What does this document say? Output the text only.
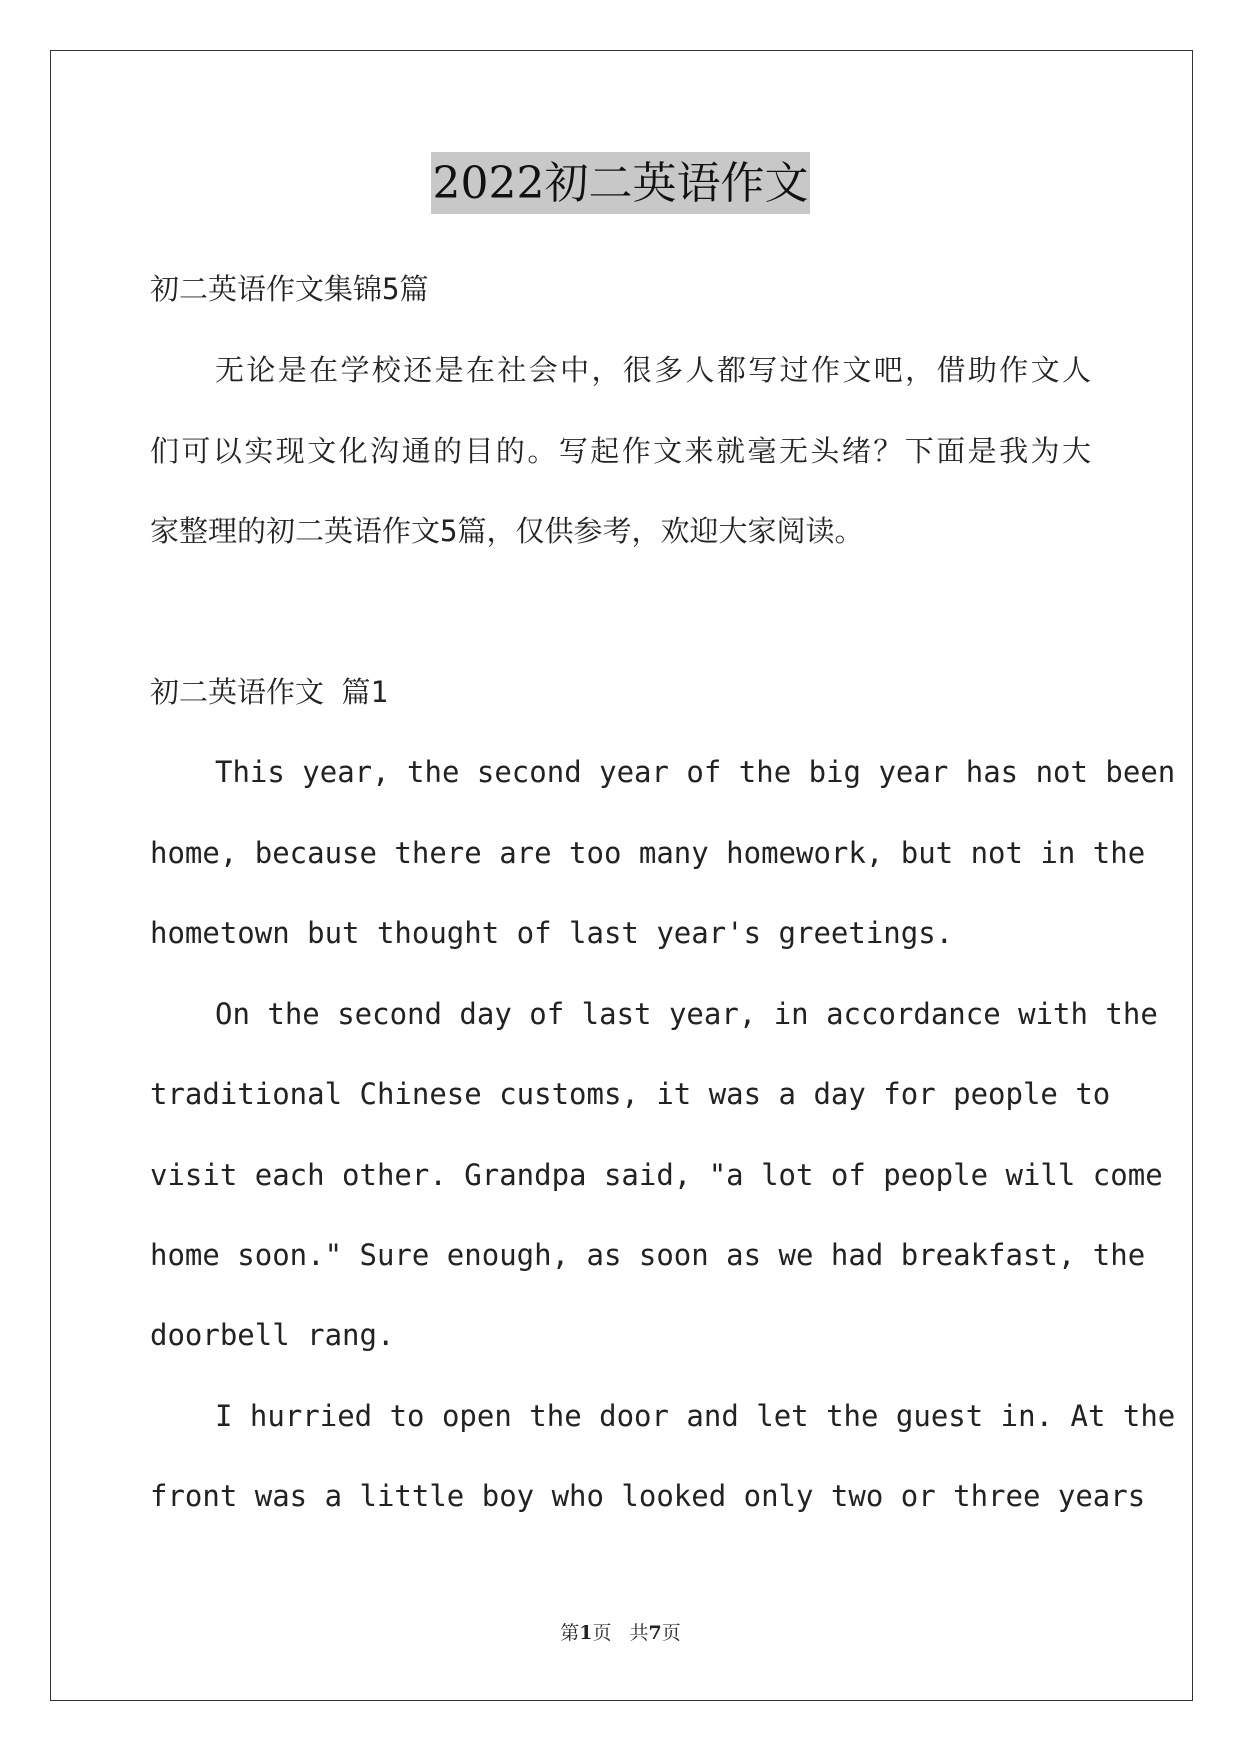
2022初二英语作文
初二英语作文集锦5篇
无论是在学校还是在社会中，很多人都写过作文吧，借助作文人
们可以实现文化沟通的目的。写起作文来就毫无头绪？下面是我为大
家整理的初二英语作文5篇，仅供参考，欢迎大家阅读。
初二英语作文 篇1
This year, the second year of the big year has not been
home, because there are too many homework, but not in the
hometown but thought of last year's greetings.
On the second day of last year, in accordance with the
traditional Chinese customs, it was a day for people to
visit each other. Grandpa said, "a lot of people will come
home soon." Sure enough, as soon as we had breakfast, the
doorbell rang.
I hurried to open the door and let the guest in. At the
front was a little boy who looked only two or three years
第1页 共7页
